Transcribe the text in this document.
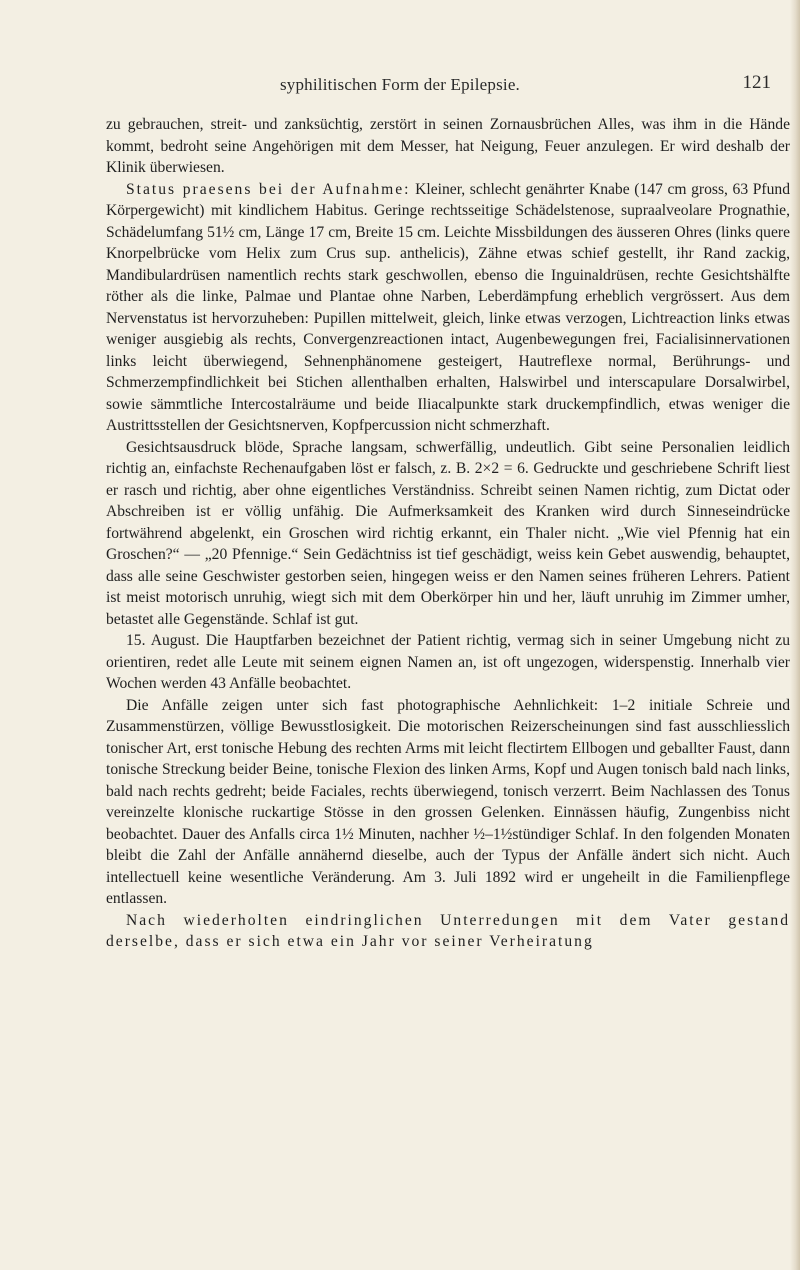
syphilitischen Form der Epilepsie.	121

zu gebrauchen, streit- und zanksüchtig, zerstört in seinen Zornausbrüchen Alles, was ihm in die Hände kommt, bedroht seine Angehörigen mit dem Messer, hat Neigung, Feuer anzulegen. Er wird deshalb der Klinik überwiesen.

Status praesens bei der Aufnahme: Kleiner, schlecht genährter Knabe (147 cm gross, 63 Pfund Körpergewicht) mit kindlichem Habitus. Geringe rechtsseitige Schädelstenose, supraalveolare Prognathie, Schädelumfang 51½ cm, Länge 17 cm, Breite 15 cm. Leichte Missbildungen des äusseren Ohres (links quere Knorpelbrücke vom Helix zum Crus sup. anthelicis), Zähne etwas schief gestellt, ihr Rand zackig, Mandibulardrüsen namentlich rechts stark geschwollen, ebenso die Inguinaldrüsen, rechte Gesichtshälfte röther als die linke, Palmae und Plantae ohne Narben, Leberdämpfung erheblich vergrössert. Aus dem Nervenstatus ist hervorzuheben: Pupillen mittelweit, gleich, linke etwas verzogen, Lichtreaction links etwas weniger ausgiebig als rechts, Convergenzreactionen intact, Augenbewegungen frei, Facialisinnervationen links leicht überwiegend, Sehnenphänomene gesteigert, Hautreflexe normal, Berührungs- und Schmerzempfindlichkeit bei Stichen allenthalben erhalten, Halswirbel und interscapulare Dorsalwirbel, sowie sämmtliche Intercostalräume und beide Iliacalpunkte stark druckempfindlich, etwas weniger die Austrittsstellen der Gesichtsnerven, Kopfpercussion nicht schmerzhaft.

Gesichtsausdruck blöde, Sprache langsam, schwerfällig, undeutlich. Gibt seine Personalien leidlich richtig an, einfachste Rechenaufgaben löst er falsch, z. B. 2×2 = 6. Gedruckte und geschriebene Schrift liest er rasch und richtig, aber ohne eigentliches Verständniss. Schreibt seinen Namen richtig, zum Dictat oder Abschreiben ist er völlig unfähig. Die Aufmerksamkeit des Kranken wird durch Sinneseindrücke fortwährend abgelenkt, ein Groschen wird richtig erkannt, ein Thaler nicht. „Wie viel Pfennig hat ein Groschen?“ — „20 Pfennige.“ Sein Gedächtniss ist tief geschädigt, weiss kein Gebet auswendig, behauptet, dass alle seine Geschwister gestorben seien, hingegen weiss er den Namen seines früheren Lehrers. Patient ist meist motorisch unruhig, wiegt sich mit dem Oberkörper hin und her, läuft unruhig im Zimmer umher, betastet alle Gegenstände. Schlaf ist gut.

15. August. Die Hauptfarben bezeichnet der Patient richtig, vermag sich in seiner Umgebung nicht zu orientiren, redet alle Leute mit seinem eignen Namen an, ist oft ungezogen, widerspenstig. Innerhalb vier Wochen werden 43 Anfälle beobachtet.

Die Anfälle zeigen unter sich fast photographische Aehnlichkeit: 1–2 initiale Schreie und Zusammenstürzen, völlige Bewusstlosigkeit. Die motorischen Reizerscheinungen sind fast ausschliesslich tonischer Art, erst tonische Hebung des rechten Arms mit leicht flectirtem Ellbogen und geballter Faust, dann tonische Streckung beider Beine, tonische Flexion des linken Arms, Kopf und Augen tonisch bald nach links, bald nach rechts gedreht; beide Faciales, rechts überwiegend, tonisch verzerrt. Beim Nachlassen des Tonus vereinzelte klonische ruckartige Stösse in den grossen Gelenken. Einnässen häufig, Zungenbiss nicht beobachtet. Dauer des Anfalls circa 1½ Minuten, nachher ½–1½stündiger Schlaf. In den folgenden Monaten bleibt die Zahl der Anfälle annähernd dieselbe, auch der Typus der Anfälle ändert sich nicht. Auch intellectuell keine wesentliche Veränderung. Am 3. Juli 1892 wird er ungeheilt in die Familienpflege entlassen.

Nach wiederholten eindringlichen Unterredungen mit dem Vater gestand derselbe, dass er sich etwa ein Jahr vor seiner Verheiratung
